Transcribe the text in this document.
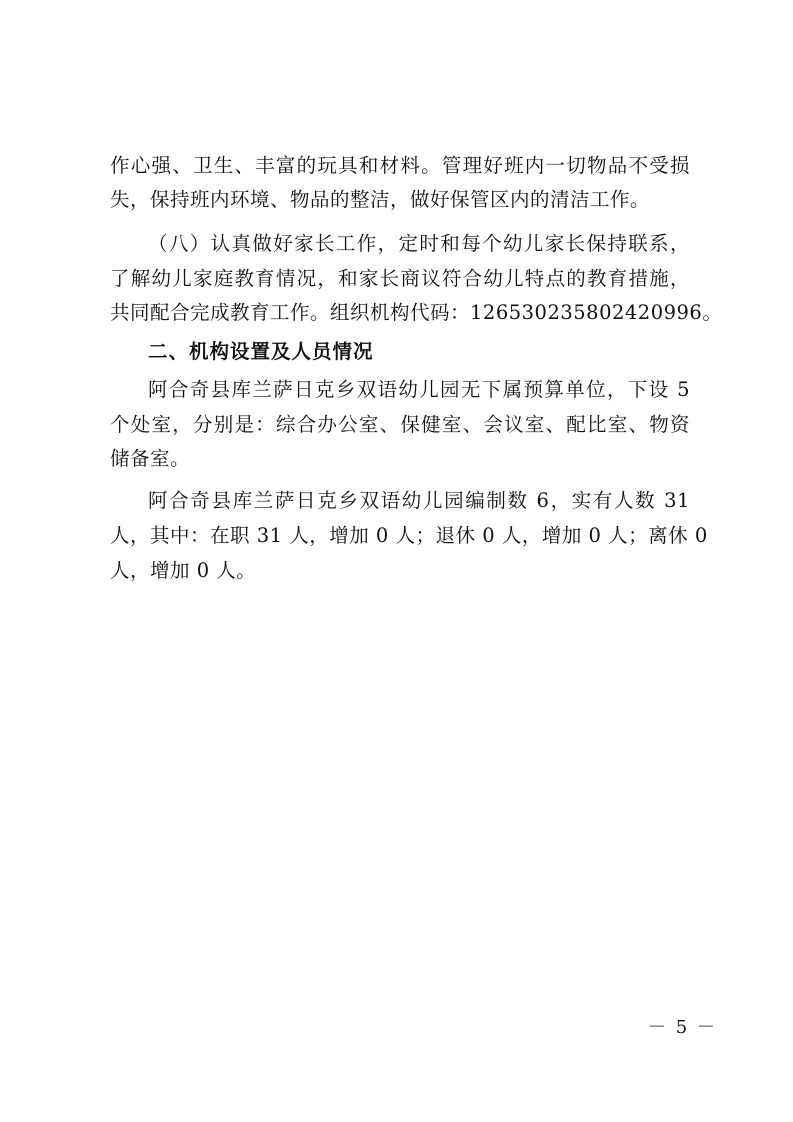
作心强、卫生、丰富的玩具和材料。管理好班内一切物品不受损
失，保持班内环境、物品的整洁，做好保管区内的清洁工作。
（八）认真做好家长工作，定时和每个幼儿家长保持联系，
了解幼儿家庭教育情况，和家长商议符合幼儿特点的教育措施，
共同配合完成教育工作。组织机构代码：126530235802420996。
二、机构设置及人员情况
阿合奇县库兰萨日克乡双语幼儿园无下属预算单位，下设 5
个处室，分别是：综合办公室、保健室、会议室、配比室、物资
储备室。
阿合奇县库兰萨日克乡双语幼儿园编制数 6，实有人数 31
人，其中：在职 31 人，增加 0 人；退休 0 人，增加 0 人；离休 0
人，增加 0 人。
－ 5 －
